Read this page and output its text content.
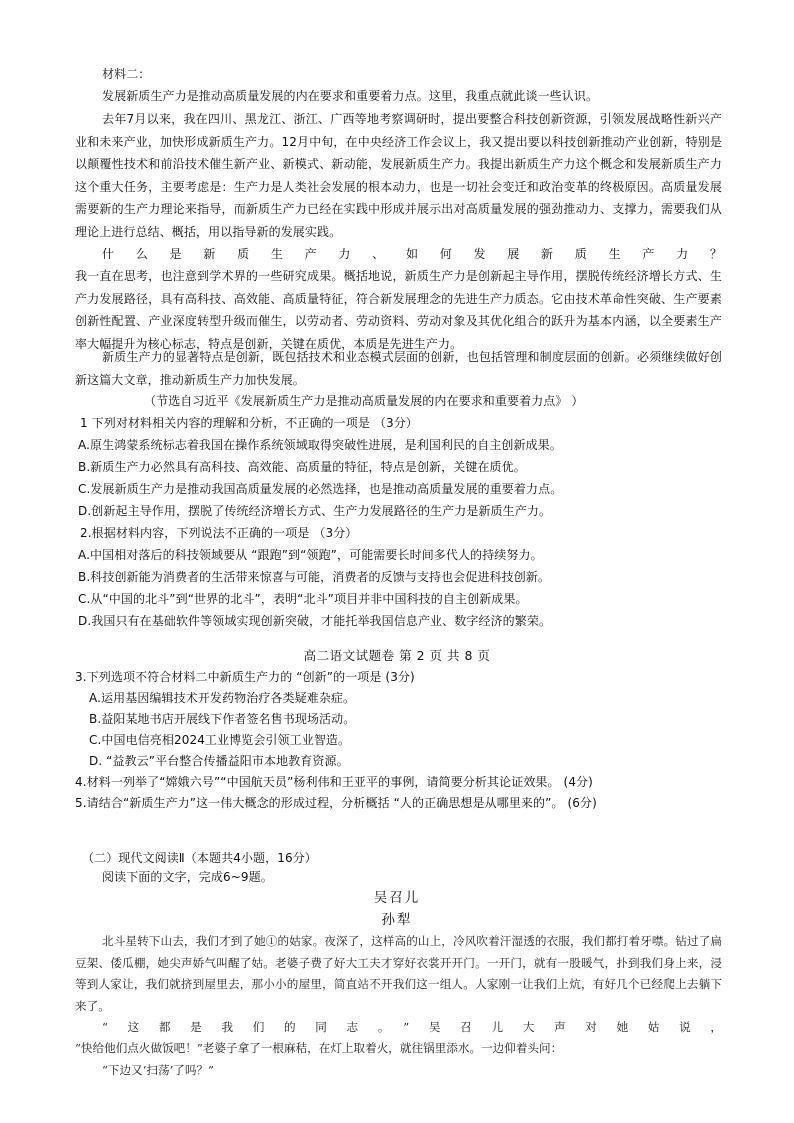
材料二：

发展新质生产力是推动高质量发展的内在要求和重要着力点。这里，我重点就此谈一些认识。

去年7月以来，我在四川、黑龙江、浙江、广西等地考察调研时，提出要整合科技创新资源，引领发展战略性新兴产业和未来产业，加快形成新质生产力。12月中旬，在中央经济工作会议上，我又提出要以科技创新推动产业创新，特别是以颠覆性技术和前沿技术催生新产业、新模式、新动能，发展新质生产力。我提出新质生产力这个概念和发展新质生产力这个重大任务，主要考虑是：生产力是人类社会发展的根本动力，也是一切社会变迁和政治变革的终极原因。高质量发展需要新的生产力理论来指导，而新质生产力已经在实践中形成并展示出对高质量发展的强劲推动力、支撑力，需要我们从理论上进行总结、概括，用以指导新的发展实践。

什么是新质生产力、如何发展新质生产力？

我一直在思考，也注意到学术界的一些研究成果。概括地说，新质生产力是创新起主导作用，摆脱传统经济增长方式、生产力发展路径，具有高科技、高效能、高质量特征，符合新发展理念的先进生产力质态。它由技术革命性突破、生产要素创新性配置、产业深度转型升级而催生，以劳动者、劳动资料、劳动对象及其优化组合的跃升为基本内涵，以全要素生产率大幅提升为核心标志，特点是创新，关键在质优，本质是先进生产力。

新质生产力的显著特点是创新，既包括技术和业态模式层面的创新，也包括管理和制度层面的创新。必须继续做好创新这篇大文章，推动新质生产力加快发展。

（节选自习近平《发展新质生产力是推动高质量发展的内在要求和重要着力点》 ）

1 下列对材料相关内容的理解和分析，不正确的一项是 （3分）

A.原生鸿蒙系统标志着我国在操作系统领域取得突破性进展，是利国利民的自主创新成果。

B.新质生产力必然具有高科技、高效能、高质量的特征，特点是创新，关键在质优。

C.发展新质生产力是推动我国高质量发展的必然选择，也是推动高质量发展的重要着力点。

D.创新起主导作用，摆脱了传统经济增长方式、生产力发展路径的生产力是新质生产力。

2.根据材料内容，下列说法不正确的一项是 （3分）

A.中国相对落后的科技领域要从 “跟跑”到“领跑”，可能需要长时间多代人的持续努力。

B.科技创新能为消费者的生活带来惊喜与可能，消费者的反馈与支持也会促进科技创新。

C.从“中国的北斗”到“世界的北斗”，表明“北斗”项目并非中国科技的自主创新成果。

D.我国只有在基础软件等领域实现创新突破，才能托举我国信息产业、数字经济的繁荣。

高二语文试题卷 第 2 页 共 8 页

3.下列选项不符合材料二中新质生产力的 “创新”的一项是 (3分)

A.运用基因编辑技术开发药物治疗各类疑难杂症。

B.益阳某地书店开展线下作者签名售书现场活动。

C.中国电信亮相2024工业博览会引领工业智造。

D. “益教云”平台整合传播益阳市本地教育资源。

4.材料一列举了“嫦娥六号”“中国航天员”杨利伟和王亚平的事例，请简要分析其论证效果。 (4分)

5.请结合“新质生产力”这一伟大概念的形成过程，分析概括 “人的正确思想是从哪里来的”。 (6分)

（二）现代文阅读Ⅱ（本题共4小题，16分）

阅读下面的文字，完成6~9题。

吴召儿

孙犁

北斗星转下山去，我们才到了她①的姑家。夜深了，这样高的山上，冷风吹着汗湿透的衣服，我们都打着牙噤。钻过了扁豆架、倭瓜棚，她尖声娇气叫醒了姑。老婆子费了好大工夫才穿好衣裳开开门。一开门，就有一股暖气，扑到我们身上来，浸等到人家让，我们就挤到屋里去，那小小的屋里，简直站不开我们这一组人。人家刚一让我们上炕，有好几个已经爬上去躺下来了。

“这都是我们的同志。”吴召儿大声对她姑说，

“快给他们点火做饭吧！”老婆子拿了一根麻秸，在灯上取着火，就往锅里添水。一边仰着头问：

“下边又‘扫荡’了吗？”
